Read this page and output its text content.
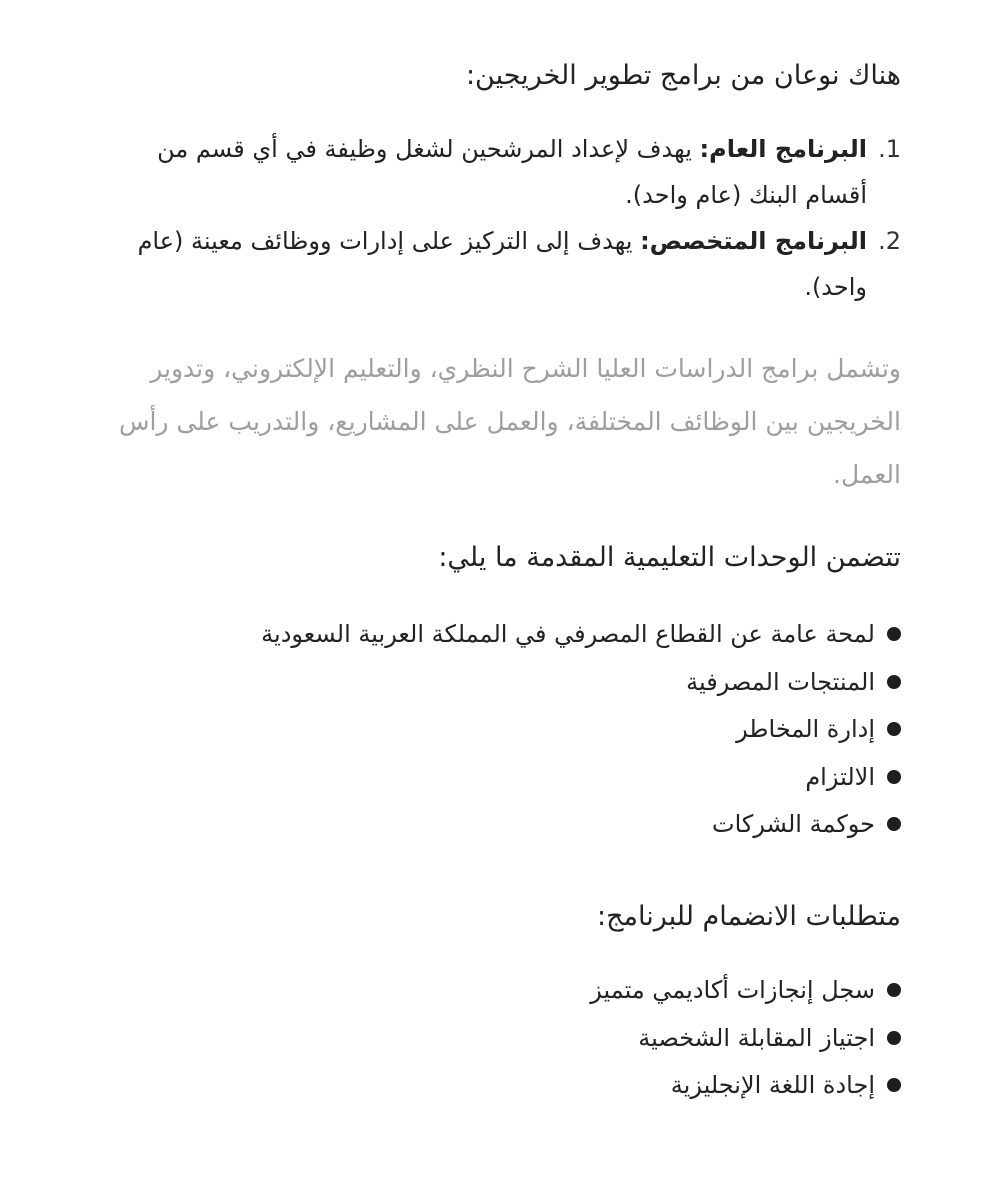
هناك نوعان من برامج تطوير الخريجين:
1.
البرنامج العام: يهدف لإعداد المرشحين لشغل وظيفة في أي قسم من أقسام البنك (عام واحد).
2.
البرنامج المتخصص: يهدف إلى التركيز على إدارات ووظائف معينة (عام واحد).

وتشمل برامج الدراسات العليا الشرح النظري، والتعليم الإلكتروني، وتدوير الخريجين بين الوظائف المختلفة، والعمل على المشاريع، والتدريب على رأس العمل.

تتضمن الوحدات التعليمية المقدمة ما يلي:
لمحة عامة عن القطاع المصرفي في المملكة العربية السعودية
المنتجات المصرفية
إدارة المخاطر
الالتزام
حوكمة الشركات
متطلبات الانضمام للبرنامج:
سجل إنجازات أكاديمي متميز
اجتياز المقابلة الشخصية
إجادة اللغة الإنجليزية
